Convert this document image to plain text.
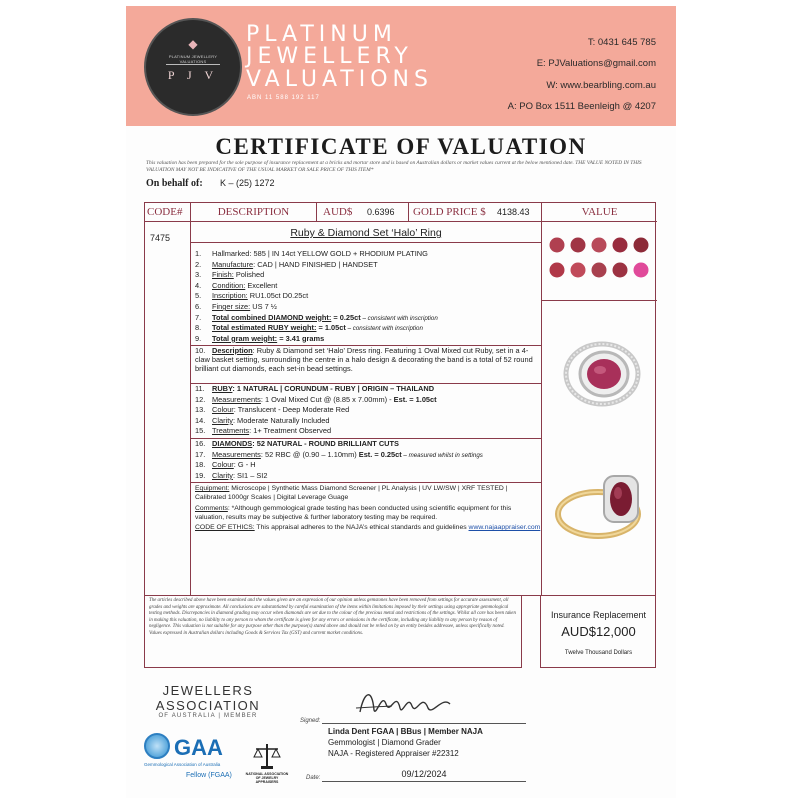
◆
PLATINUM JEWELLERY VALUATIONS
P J V
PLATINUM
JEWELLERY
VALUATIONS
ABN 11 588 192 117
T: 0431 645 785
E: PJValuations@gmail.com
W: www.bearbling.com.au
A: PO Box 1511 Beenleigh @ 4207
CERTIFICATE OF VALUATION
This valuation has been prepared for the sole purpose of insurance replacement at a bricks and mortar store and is based on Australian dollars or market values current at the below mentioned date. THE VALUE NOTED IN THIS VALUATION MAY NOT BE INDICATIVE OF THE USUAL MARKET OR SALE PRICE OF THIS ITEM*
On behalf of: K – (25) 1272
CODE#	DESCRIPTION	AUD$ 0.6396 GOLD PRICE $ 4138.43	VALUE
7475	Ruby & Diamond Set ‘Halo’ Ring
1. Hallmarked: 585 | IN 14ct YELLOW GOLD + RHODIUM PLATING
2. Manufacture: CAD | HAND FINISHED | HANDSET
3. Finish: Polished
4. Condition: Excellent
5. Inscription: RU1.05ct D0.25ct
6. Finger size: US 7 ½
7. Total combined DIAMOND weight: = 0.25ct – consistent with inscription
8. Total estimated RUBY weight: = 1.05ct – consistent with inscription
9. Total gram weight: = 3.41 grams
10. Description: Ruby & Diamond set ‘Halo’ Dress ring. Featuring 1 Oval Mixed cut Ruby, set in a 4-claw basket setting, surrounding the centre in a halo design & decorating the band is a total of 52 round brilliant cut diamonds, each set-in bead settings.
11. RUBY: 1 NATURAL | CORUNDUM - RUBY | ORIGIN – THAILAND
12. Measurements: 1 Oval Mixed Cut @ (8.85 x 7.00mm) - Est. = 1.05ct
13. Colour: Translucent - Deep Moderate Red
14. Clarity: Moderate Naturally Included
15. Treatments: 1+ Treatment Observed
16. DIAMONDS: 52 NATURAL - ROUND BRILLIANT CUTS
17. Measurements: 52 RBC @ (0.90 – 1.10mm) Est. = 0.25ct – measured whilst in settings
18. Colour: G - H
19. Clarity: SI1 – SI2
Equipment: Microscope | Synthetic Mass Diamond Screener | PL Analysis | UV LW/SW | XRF TESTED | Calibrated 1000gr Scales | Digital Leverage Guage
Comments: *Although gemmological grade testing has been conducted using scientific equipment for this valuation, results may be subjective & further laboratory testing may be required.
CODE OF ETHICS: This appraisal adheres to the NAJA’s ethical standards and guidelines www.najaappraiser.com
The articles described above have been examined and the values given are an expression of our opinion unless gemstones have been removed from settings for accurate assessment, all grades and weights are approximate. All conclusions are substantiated by careful examination of the items within limitations imposed by their settings using appropriate gemmological testing methods. Discrepancies in diamond grading may occur when diamonds are set due to the colour of the precious metal and restrictions of the settings. Whilst all care has been taken in making this valuation, no liability to any person to whom the certificate is given for any errors or omissions in the certificate, including any liability to any person by reason of negligence. This valuation is not suitable for any purpose other than the purpose(s) stated above and should not be relied on by an entity besides addressee, unless specifically noted. Values expressed in Australian dollars including Goods & Services Tax (GST) and current market conditions.
Insurance Replacement
AUD$12,000
Twelve Thousand Dollars
JEWELLERS
ASSOCIATION
OF AUSTRALIA | MEMBER
GAA
Gemmological Association of Australia
Fellow (FGAA)	NATIONAL ASSOCIATION OF JEWELRY APPRAISERS
Signed:
Linda Dent FGAA | BBus | Member NAJA
Gemmologist | Diamond Grader
NAJA - Registered Appraiser #22312
Date:	09/12/2024
